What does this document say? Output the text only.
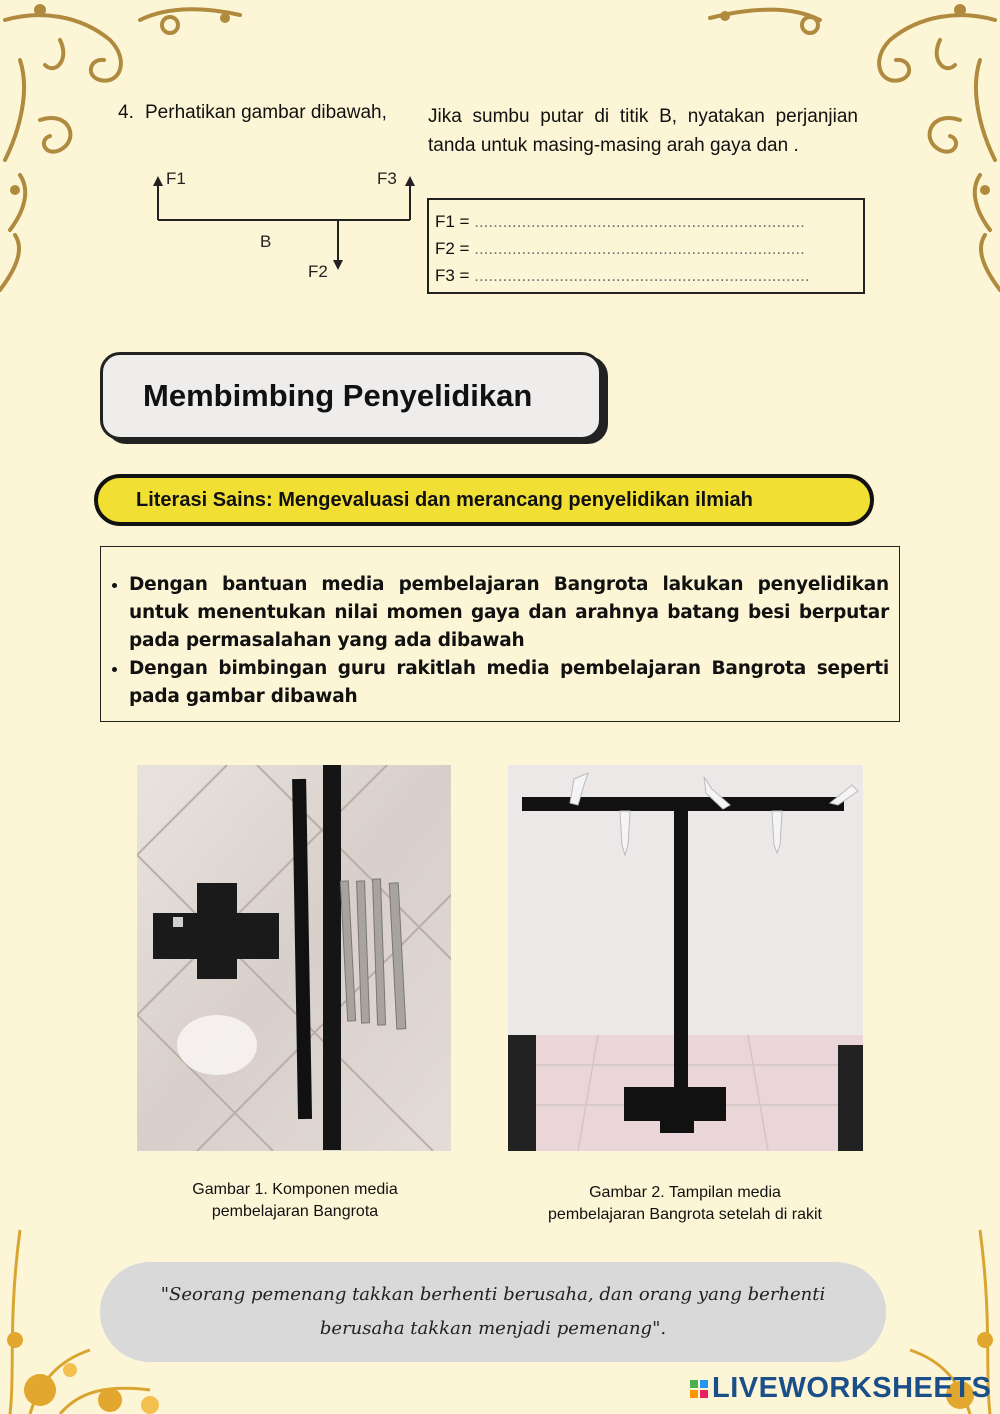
4. Perhatikan gambar dibawah, Jika sumbu putar di titik B, nyatakan perjanjian tanda untuk masing-masing arah gaya dan .
F1	F3
B
F2
F1 = ......................................................................
F2 = ......................................................................
F3 = .......................................................................
Membimbing Penyelidikan
Literasi Sains: Mengevaluasi dan merancang penyelidikan ilmiah
• Dengan bantuan media pembelajaran Bangrota lakukan penyelidikan untuk menentukan nilai momen gaya dan arahnya batang besi berputar pada permasalahan yang ada dibawah
• Dengan bimbingan guru rakitlah media pembelajaran Bangrota seperti pada gambar dibawah
Gambar 1. Komponen media
pembelajaran Bangrota
Gambar 2. Tampilan media
pembelajaran Bangrota setelah di rakit
"Seorang pemenang takkan berhenti berusaha, dan orang yang berhenti berusaha takkan menjadi pemenang".
LIVEWORKSHEETS
